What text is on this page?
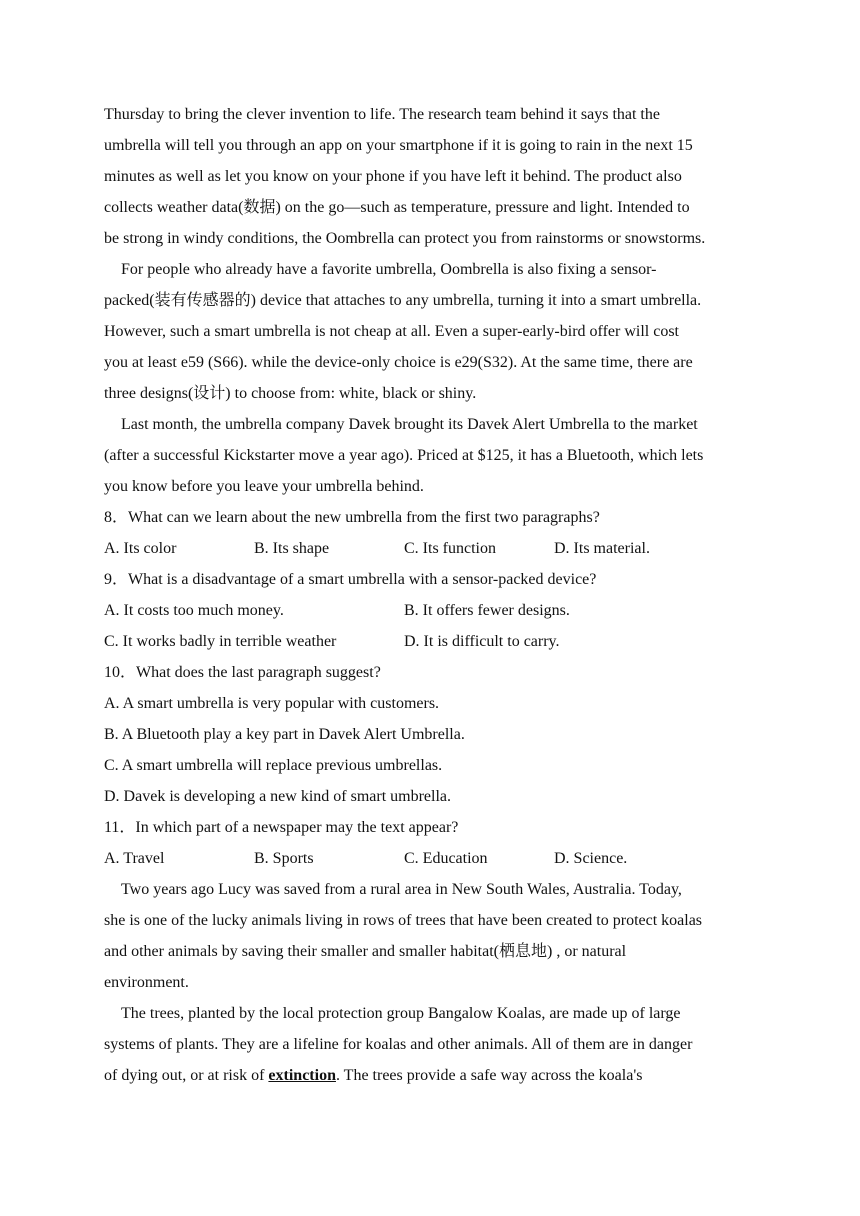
Thursday to bring the clever invention to life. The research team behind it says that the
umbrella will tell you through an app on your smartphone if it is going to rain in the next 15
minutes as well as let you know on your phone if you have left it behind. The product also
collects weather data(数据) on the go—such as temperature, pressure and light. Intended to
be strong in windy conditions, the Oombrella can protect you from rainstorms or snowstorms.
For people who already have a favorite umbrella, Oombrella is also fixing a sensor-
packed(装有传感器的) device that attaches to any umbrella, turning it into a smart umbrella.
However, such a smart umbrella is not cheap at all. Even a super-early-bird offer will cost
you at least e59 (S66). while the device-only choice is e29(S32). At the same time, there are
three designs(设计) to choose from: white, black or shiny.
Last month, the umbrella company Davek brought its Davek Alert Umbrella to the market
(after a successful Kickstarter move a year ago). Priced at $125, it has a Bluetooth, which lets
you know before you leave your umbrella behind.
8．What can we learn about the new umbrella from the first two paragraphs?
A. Its color	B. Its shape	C. Its function	D. Its material.
9．What is a disadvantage of a smart umbrella with a sensor-packed device?
A. It costs too much money.	B. It offers fewer designs.
C. It works badly in terrible weather	D. It is difficult to carry.
10．What does the last paragraph suggest?
A. A smart umbrella is very popular with customers.
B. A Bluetooth play a key part in Davek Alert Umbrella.
C. A smart umbrella will replace previous umbrellas.
D. Davek is developing a new kind of smart umbrella.
11．In which part of a newspaper may the text appear?
A. Travel	B. Sports	C. Education	D. Science.
Two years ago Lucy was saved from a rural area in New South Wales, Australia. Today,
she is one of the lucky animals living in rows of trees that have been created to protect koalas
and other animals by saving their smaller and smaller habitat(栖息地) , or natural
environment.
The trees, planted by the local protection group Bangalow Koalas, are made up of large
systems of plants. They are a lifeline for koalas and other animals. All of them are in danger
of dying out, or at risk of extinction. The trees provide a safe way across the koala's
